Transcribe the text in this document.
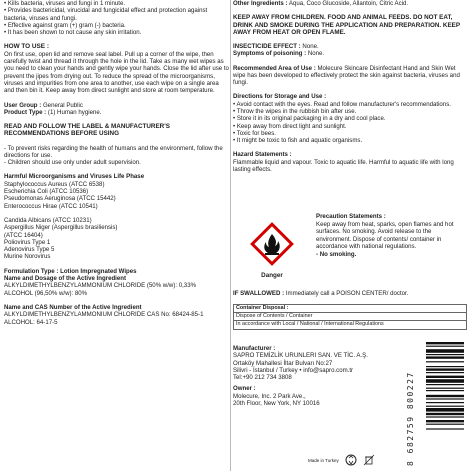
• Kills bacteria, viruses and fungi in 1 minute.
• Provides bactericidal, virucidal and fungicidal effect and protection against bacteria, viruses and fungi.
• Effective against gram (+) gram (-) bacteria.
• It has been shown to not cause any skin irritation.
HOW TO USE :
On first use, open lid and remove seal label. Pull up a corner of the wipe, then carefully twist and thread it through the hole in the lid. Take as many wet wipes as you need to clean your hands and gently wipe your hands. Close the lid after use to prevent the jipes from drying out. To reduce the spread of the microorganisms, viruses and impurities from one area to another, use each wipe on a single area and then bin it. Keep away from direct sunlight and store at room temperature.
User Group : General Public
Product Type : (1) Human hygiene.
READ AND FOLLOW THE LABEL & MANUFACTURER'S RECOMMENDATIONS BEFORE USING
- To prevent risks regarding the health of humans and the environment, follow the directions for use.
- Children should use only under adult supervision.
Harmful Microorganisms and Viruses Life Phase
Staphylococcus Aureus (ATCC 6538)
Escherichia Coli (ATCC 10536)
Pseudomonas Aeruginosa (ATCC 15442)
Enterococcus Hirae (ATCC 10541)
Candida Albicans (ATCC 10231)
Aspergillus Niger (Aspergillus brasiliensis)
(ATCC 16404)
Poliovirus Type 1
Adenovirus Type 5
Murine Norovirus
Formulation Type : Lotion Impregnated Wipes
Name and Dosage of the Active Ingredient
ALKYLDIMETHYLBENZYLAMMONIUM CHLORIDE (50% w/w): 0,33%
ALCOHOL (96,50% w/w): 80%
Name and CAS Number of the Active Ingredient
ALKYLDIMETHYLBENZYLAMMONIUM CHLORIDE CAS No: 68424-85-1
ALCOHOL: 64-17-5
Other Ingredients : Aqua, Coco Glucoside, Allantoin, Citric Acid.
KEEP AWAY FROM CHILDREN. FOOD AND ANIMAL FEEDS. DO NOT EAT, DRINK AND SMOKE DURING THE APPLICATION AND PREPARATION. KEEP AWAY FROM HEAT OR OPEN FLAME.
INSECTICIDE EFFECT : None.
Symptoms of poisoning : None.
Recommended Area of Use : Molecure Skincare Disinfectant Hand and Skin Wet wipe has been developed to effectively protect the skin against bacteria, viruses and fungi.
Directions for Storage and Use :
• Avoid contact with the eyes. Read and follow manufacturer's recommendations.
• Throw the wipes in the rubbish bin after use.
• Store it in its original packaging in a dry and cool place.
• Keep away from direct light and sunlight.
• Toxic for bees.
• It might be toxic to fish and aquatic organisms.
Hazard Statements :
Flammable liquid and vapour. Toxic to aquatic life. Harmful to aquatic life with long lasting effects.
Danger
Precaution Statements :
Keep away from heat, sparks, open flames and hot surfaces. No smoking. Avoid release to the environment. Dispose of contents/ container in accordance with national regulations.
- No smoking.
IF SWALLOWED : Immediately call a POISON CENTER/ doctor.
Container Disposal :
Dispose of Contents / Container
In accordance with Local / National / International Regulations
Manufacturer :
SAPRO TEMİZLİK URUNLERI SAN. VE TİC. A.Ş.
Ortaköy Mahallesi İltar Bulvarı No:27
Silivri - İstanbul / Turkey • info@sapro.com.tr
Tel:+90 212 734 3808
Owner :
Molecure, Inc. 2 Park Ave.,
20th Floor, New York, NY 10016
Made in Turkey	8 682759 800227
